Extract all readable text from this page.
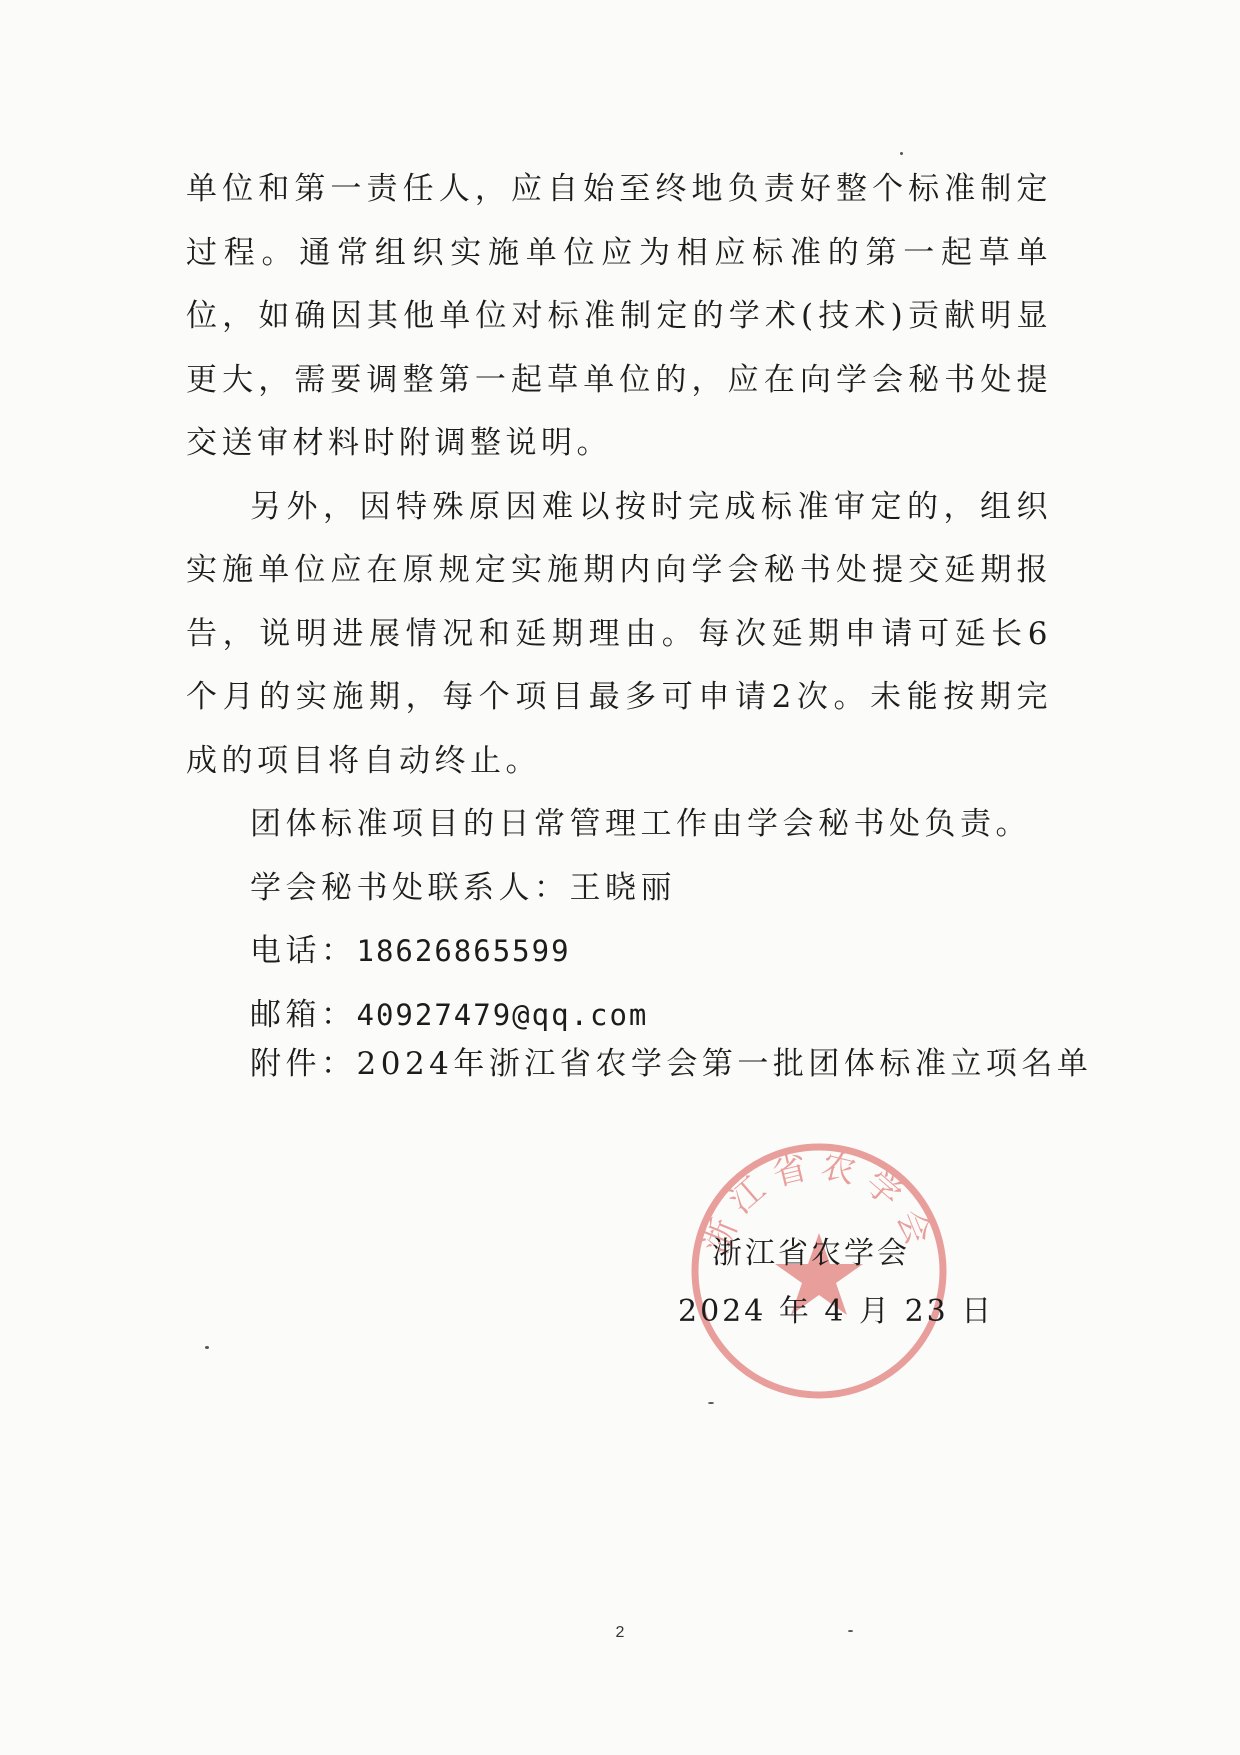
单位和第一责任人，应自始至终地负责好整个标准制定过程。通常组织实施单位应为相应标准的第一起草单位，如确因其他单位对标准制定的学术(技术)贡献明显更大，需要调整第一起草单位的，应在向学会秘书处提交送审材料时附调整说明。

另外，因特殊原因难以按时完成标准审定的，组织实施单位应在原规定实施期内向学会秘书处提交延期报告，说明进展情况和延期理由。每次延期申请可延长6个月的实施期，每个项目最多可申请2次。未能按期完成的项目将自动终止。

团体标准项目的日常管理工作由学会秘书处负责。

学会秘书处联系人：王晓丽

电话：18626865599

邮箱：40927479@qq.com

附件：2024年浙江省农学会第一批团体标准立项名单
浙江省农学会
浙江省农学会
2024 年 4 月 23 日
2
